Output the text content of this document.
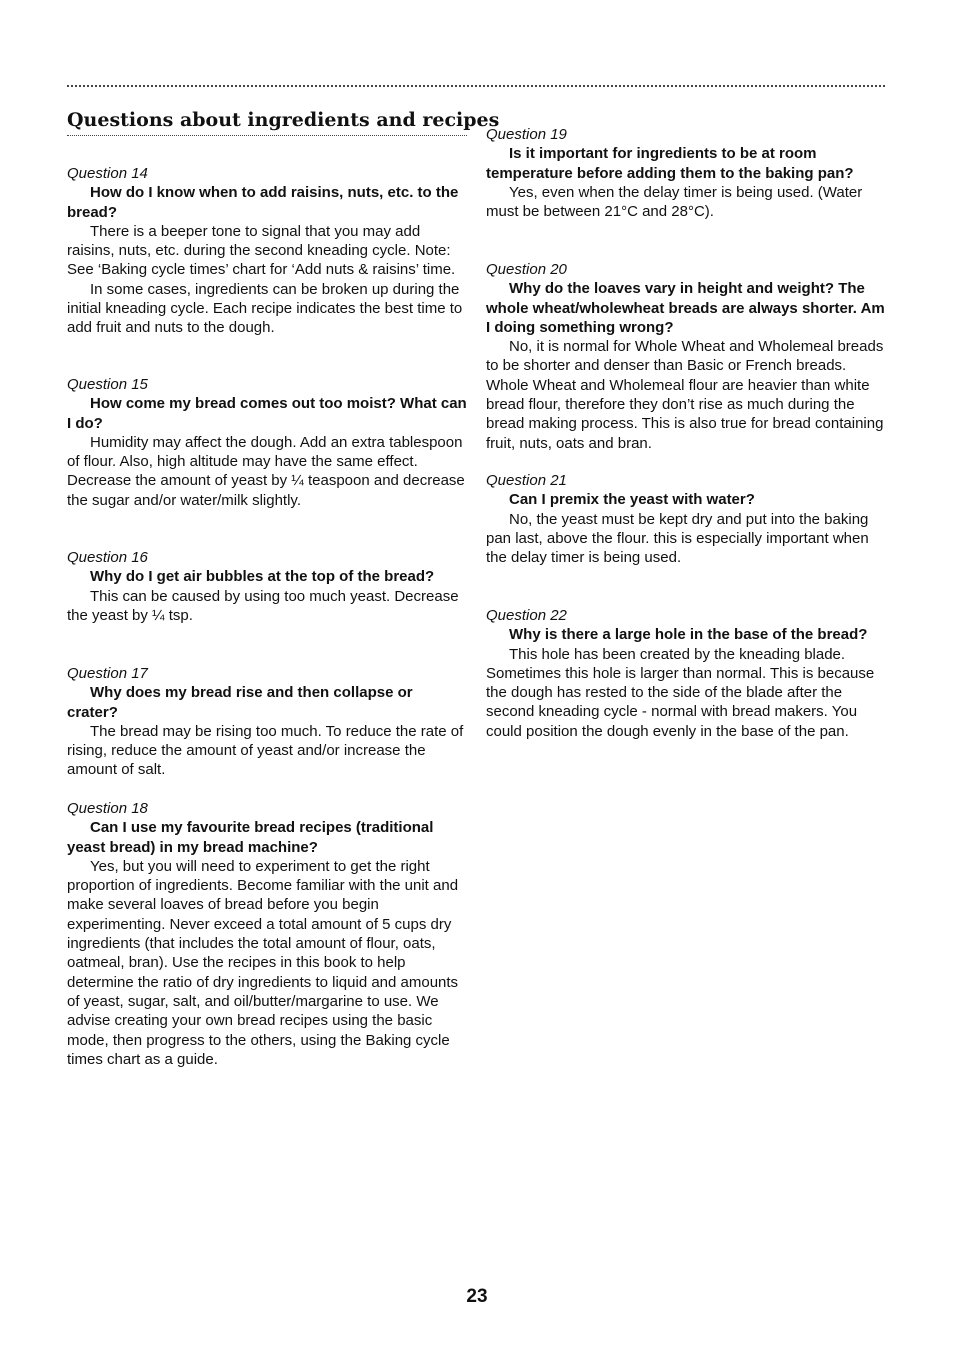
Questions about ingredients and recipes

Question 14

How do I know when to add raisins, nuts, etc. to the bread?

There is a beeper tone to signal that you may add raisins, nuts, etc. during the second kneading cycle. Note: See ‘Baking cycle times’ chart for ‘Add nuts & raisins’ time.

In some cases, ingredients can be broken up during the initial kneading cycle. Each recipe indicates the best time to add fruit and nuts to the dough.

Question 15

How come my bread comes out too moist? What can I do?

Humidity may affect the dough. Add an extra tablespoon of flour. Also, high altitude may have the same effect. Decrease the amount of yeast by ¼ teaspoon and decrease the sugar and/or water/milk slightly.

Question 16

Why do I get air bubbles at the top of the bread?

This can be caused by using too much yeast. Decrease the yeast by ¼ tsp.

Question 17

Why does my bread rise and then collapse or crater?

The bread may be rising too much. To reduce the rate of rising, reduce the amount of yeast and/or increase the amount of salt.

Question 18

Can I use my favourite bread recipes (traditional yeast bread) in my bread machine?

Yes, but you will need to experiment to get the right proportion of ingredients. Become familiar with the unit and make several loaves of bread before you begin experimenting. Never exceed a total amount of 5 cups dry ingredients (that includes the total amount of flour, oats, oatmeal, bran). Use the recipes in this book to help determine the ratio of dry ingredients to liquid and amounts of yeast, sugar, salt, and oil/butter/margarine to use. We advise creating your own bread recipes using the basic mode, then progress to the others, using the Baking cycle times chart as a guide.

Question 19

Is it important for ingredients to be at room temperature before adding them to the baking pan?

Yes, even when the delay timer is being used. (Water must be between 21°C and 28°C).

Question 20

Why do the loaves vary in height and weight? The whole wheat/wholewheat breads are always shorter. Am I doing something wrong?

No, it is normal for Whole Wheat and Wholemeal breads to be shorter and denser than Basic or French breads. Whole Wheat and Wholemeal flour are heavier than white bread flour, therefore they don’t rise as much during the bread making process. This is also true for bread containing fruit, nuts, oats and bran.

Question 21

Can I premix the yeast with water?

No, the yeast must be kept dry and put into the baking pan last, above the flour. this is especially important when the delay timer is being used.

Question 22

Why is there a large hole in the base of the bread?

This hole has been created by the kneading blade. Sometimes this hole is larger than normal. This is because the dough has rested to the side of the blade after the second kneading cycle - normal with bread makers. You could position the dough evenly in the base of the pan.

23
